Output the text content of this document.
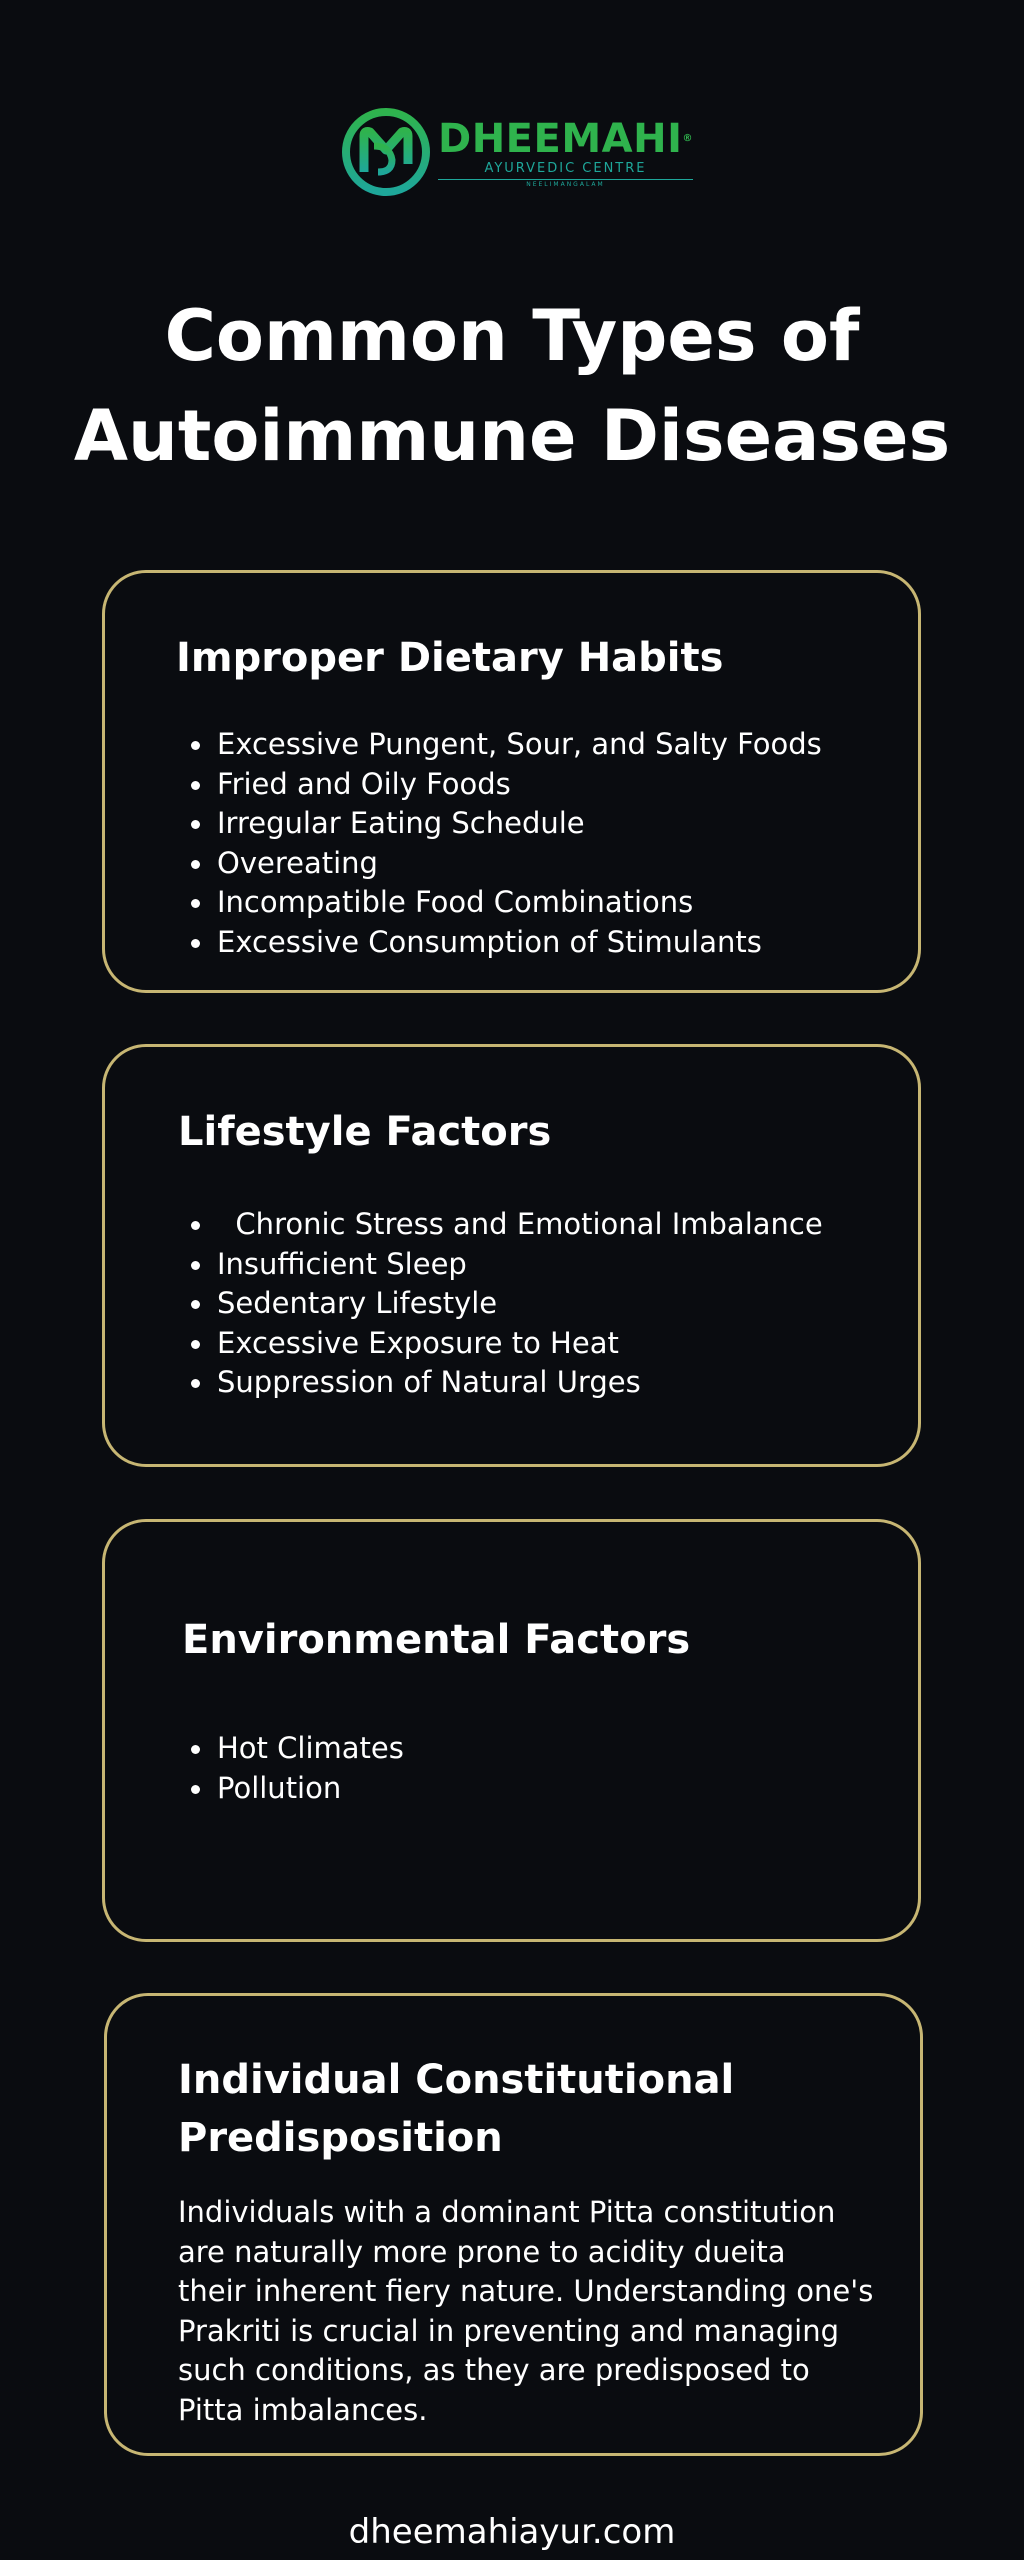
DHEEMAHI®
AYURVEDIC CENTRE
NEELIMANGALAM
Common Types of
Autoimmune Diseases
Improper Dietary Habits
Excessive Pungent, Sour, and Salty Foods
Fried and Oily Foods
Irregular Eating Schedule
Overeating
Incompatible Food Combinations
Excessive Consumption of Stimulants
Lifestyle Factors
Chronic Stress and Emotional Imbalance
Insufficient Sleep
Sedentary Lifestyle
Excessive Exposure to Heat
Suppression of Natural Urges
Environmental Factors
Hot Climates
Pollution
Individual Constitutional
Predisposition

Individuals with a dominant Pitta constitution
are naturally more prone to acidity dueita
their inherent fiery nature. Understanding one's
Prakriti is crucial in preventing and managing
such conditions, as they are predisposed to
Pitta imbalances.

dheemahiayur.com
